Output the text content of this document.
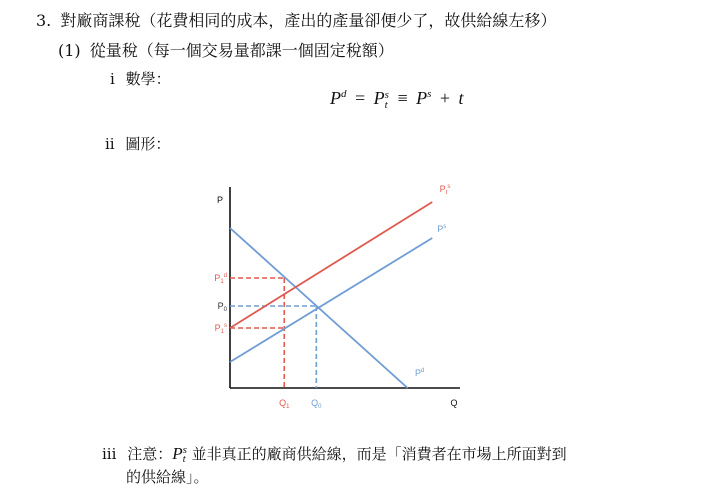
3. 對廠商課稅（花費相同的成本，產出的產量卻便少了，故供給線左移）
(1) 從量稅（每一個交易量都課一個固定稅額）
i 數學：
$P^d = P$ s
$t \equiv P^s + t$
ii 圖形：
P
Q
Q1
P1d
Q0
P0
P1s
Pd
Ps
Pts
iii 注意：P s
t 並非真正的廠商供給線，而是「消費者在市場上所面對到
的供給線」。
